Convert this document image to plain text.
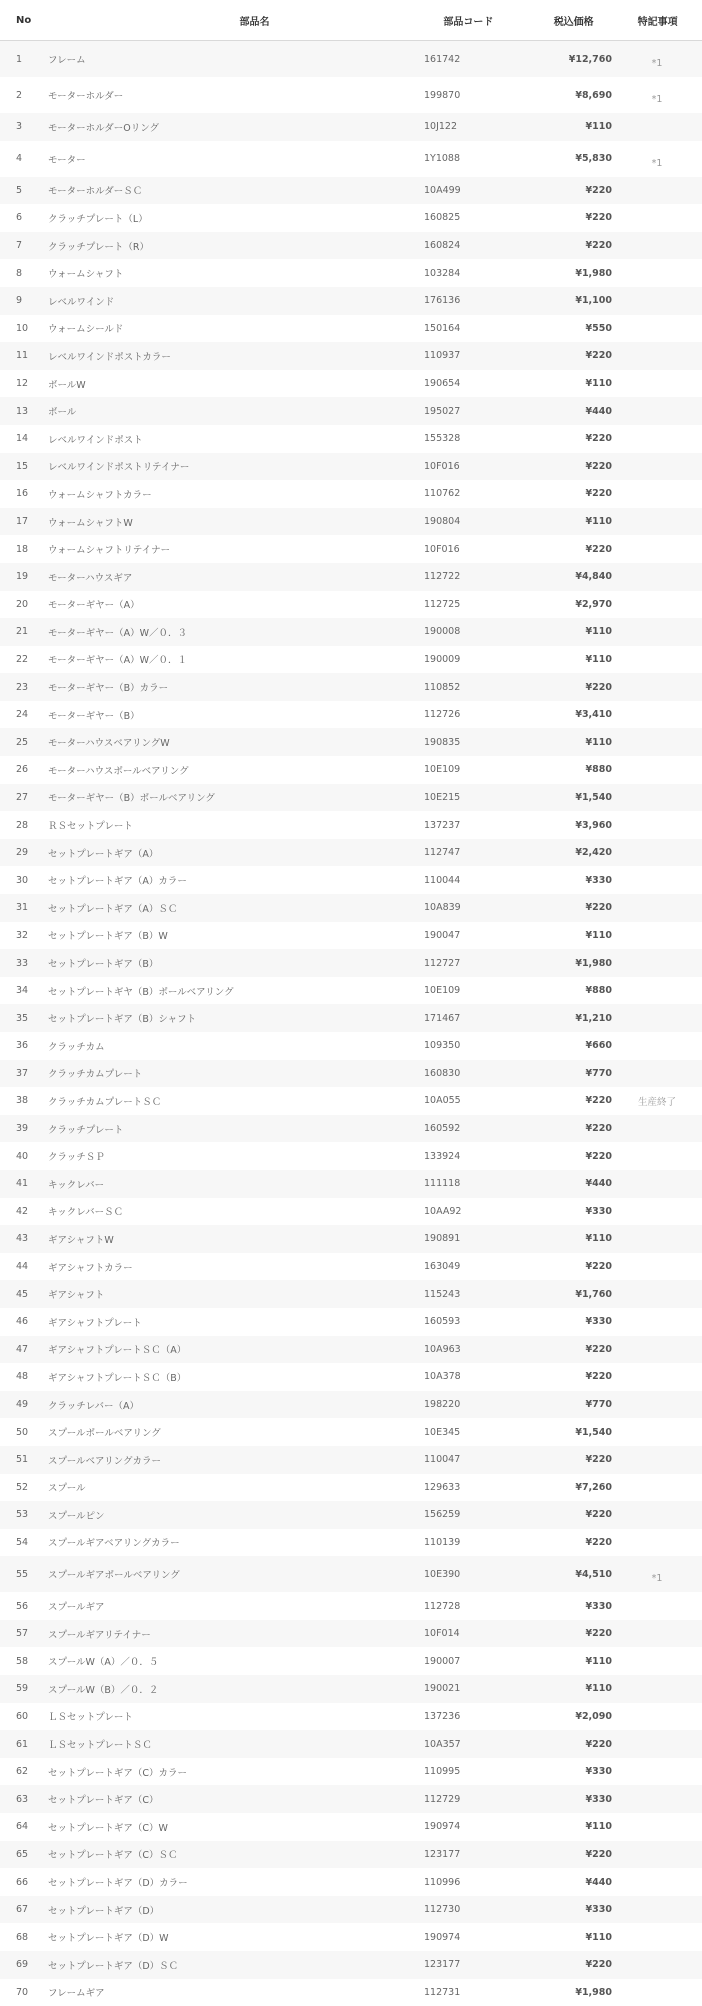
No	部品名	部品コード	税込価格	特記事項
1	フレーム	161742	¥12,760	*1
2	モーターホルダー	199870	¥8,690	*1
3	モーターホルダーOリング	10J122	¥110
4	モーター	1Y1088	¥5,830	*1
5	モーターホルダーＳＣ	10A499	¥220
6	クラッチプレート（L）	160825	¥220
7	クラッチプレート（R）	160824	¥220
8	ウォームシャフト	103284	¥1,980
9	レベルワインド	176136	¥1,100
10	ウォームシールド	150164	¥550
11	レベルワインドポストカラー	110937	¥220
12	ボールW	190654	¥110
13	ボール	195027	¥440
14	レベルワインドポスト	155328	¥220
15	レベルワインドポストリテイナー	10F016	¥220
16	ウォームシャフトカラー	110762	¥220
17	ウォームシャフトW	190804	¥110
18	ウォームシャフトリテイナー	10F016	¥220
19	モーターハウスギア	112722	¥4,840
20	モーターギヤー（A）	112725	¥2,970
21	モーターギヤー（A）W／０．３	190008	¥110
22	モーターギヤー（A）W／０．１	190009	¥110
23	モーターギヤー（B）カラー	110852	¥220
24	モーターギヤー（B）	112726	¥3,410
25	モーターハウスベアリングW	190835	¥110
26	モーターハウスボールベアリング	10E109	¥880
27	モーターギヤー（B）ボールベアリング	10E215	¥1,540
28	ＲＳセットプレート	137237	¥3,960
29	セットプレートギア（A）	112747	¥2,420
30	セットプレートギア（A）カラー	110044	¥330
31	セットプレートギア（A）ＳＣ	10A839	¥220
32	セットプレートギア（B）W	190047	¥110
33	セットプレートギア（B）	112727	¥1,980
34	セットプレートギヤ（B）ボールベアリング	10E109	¥880
35	セットプレートギア（B）シャフト	171467	¥1,210
36	クラッチカム	109350	¥660
37	クラッチカムプレート	160830	¥770
38	クラッチカムプレートＳＣ	10A055	¥220	生産終了
39	クラッチプレート	160592	¥220
40	クラッチＳＰ	133924	¥220
41	キックレバー	111118	¥440
42	キックレバーＳＣ	10AA92	¥330
43	ギアシャフトW	190891	¥110
44	ギアシャフトカラー	163049	¥220
45	ギアシャフト	115243	¥1,760
46	ギアシャフトプレート	160593	¥330
47	ギアシャフトプレートＳＣ（A）	10A963	¥220
48	ギアシャフトプレートＳＣ（B）	10A378	¥220
49	クラッチレバー（A）	198220	¥770
50	スプールボールベアリング	10E345	¥1,540
51	スプールベアリングカラー	110047	¥220
52	スプール	129633	¥7,260
53	スプールピン	156259	¥220
54	スプールギアベアリングカラー	110139	¥220
55	スプールギアボールベアリング	10E390	¥4,510	*1
56	スプールギア	112728	¥330
57	スプールギアリテイナー	10F014	¥220
58	スプールW（A）／０．５	190007	¥110
59	スプールW（B）／０．２	190021	¥110
60	ＬＳセットプレート	137236	¥2,090
61	ＬＳセットプレートＳＣ	10A357	¥220
62	セットプレートギア（C）カラー	110995	¥330
63	セットプレートギア（C）	112729	¥330
64	セットプレートギア（C）W	190974	¥110
65	セットプレートギア（C）ＳＣ	123177	¥220
66	セットプレートギア（D）カラー	110996	¥440
67	セットプレートギア（D）	112730	¥330
68	セットプレートギア（D）W	190974	¥110
69	セットプレートギア（D）ＳＣ	123177	¥220
70	フレームギア	112731	¥1,980
